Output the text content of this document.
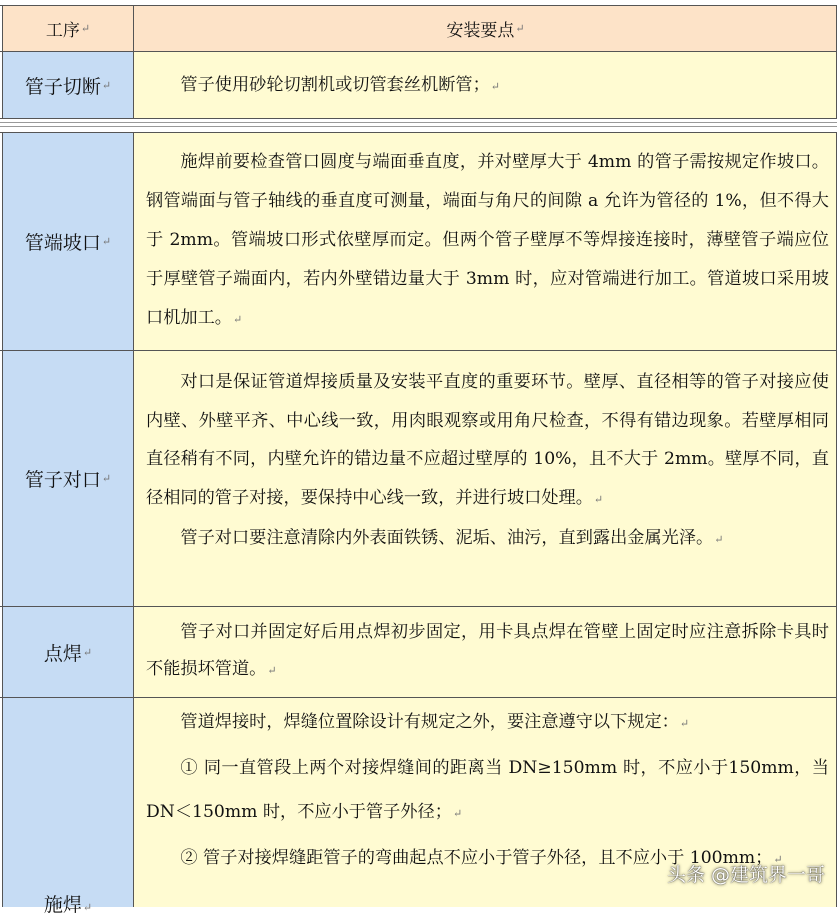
工序 ↵	安装要点 ↵
管子切断 ↵	管子使用砂轮切割机或切管套丝机断管；↵

管端坡口 ↵

施焊前要检查管口圆度与端面垂直度，并对壁厚大于 4mm 的管子需按规定作坡口。钢管端面与管子轴线的垂直度可测量，端面与角尺的间隙 a 允许为管径的 1%，但不得大于 2mm。管端坡口形式依壁厚而定。但两个管子壁厚不等焊接连接时，薄壁管子端应位于厚壁管子端面内，若内外壁错边量大于 3mm 时，应对管端进行加工。管道坡口采用坡口机加工。↵

管子对口 ↵

对口是保证管道焊接质量及安装平直度的重要环节。壁厚、直径相等的管子对接应使内壁、外壁平齐、中心线一致，用肉眼观察或用角尺检查，不得有错边现象。若壁厚相同直径稍有不同，内壁允许的错边量不应超过壁厚的 10%，且不大于 2mm。壁厚不同，直径相同的管子对接，要保持中心线一致，并进行坡口处理。↵

管子对口要注意清除内外表面铁锈、泥垢、油污，直到露出金属光泽。↵

点焊 ↵

管子对口并固定好后用点焊初步固定，用卡具点焊在管壁上固定时应注意拆除卡具时不能损坏管道。↵

施焊↵

管道焊接时，焊缝位置除设计有规定之外，要注意遵守以下规定：↵

① 同一直管段上两个对接焊缝间的距离当 DN≥150mm 时，不应小于150mm，当 DN＜150mm 时，不应小于管子外径；↵

② 管子对接焊缝距管子的弯曲起点不应小于管子外径，且不应小于 100mm；↵

头条 @建筑界一哥
